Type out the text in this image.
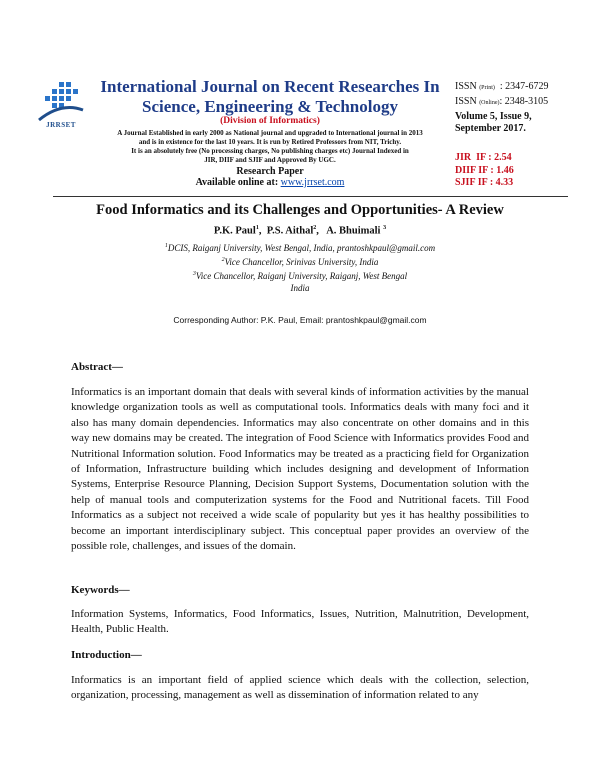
JRRSET
International Journal on Recent Researches In Science, Engineering & Technology
(Division of Informatics)
A Journal Established in early 2000 as National journal and upgraded to International journal in 2013
and is in existence for the last 10 years. It is run by Retired Professors from NIT, Trichy.
It is an absolutely free (No processing charges, No publishing charges etc) Journal Indexed in
JIR, DIIF and SJIF and Approved By UGC.
Research Paper
Available online at: www.jrrset.com
ISSN (Print) : 2347-6729
ISSN (Online): 2348-3105
Volume 5, Issue 9,
September 2017.
JIR  IF : 2.54
DIIF IF : 1.46
SJIF IF : 4.33
Food Informatics and its Challenges and Opportunities- A Review
P.K. Paul$^1$,  P.S. Aithal$^2$,   A. Bhuimali $^3$
$^1$DCIS, Raiganj University, West Bengal, India, prantoshkpaul@gmail.com
$^2$Vice Chancellor, Srinivas University, India
$^3$Vice Chancellor, Raiganj University, Raiganj, West Bengal
India
Corresponding Author: P.K. Paul, Email: prantoshkpaul@gmail.com
Abstract—
Informatics is an important domain that deals with several kinds of information activities by the manual knowledge organization tools as well as computational tools. Informatics deals with many foci and it also has many domain dependencies. Informatics may also concentrate on other domains and in this way new domains may be created. The integration of Food Science with Informatics provides Food and Nutritional Information solution. Food Informatics may be treated as a practicing field for Organization of Information, Infrastructure building which includes designing and development of Information Systems, Enterprise Resource Planning, Decision Support Systems, Documentation solution with the help of manual tools and computerization systems for the Food and Nutritional facets. Till Food Informatics as a subject not received a wide scale of popularity but yes it has healthy possibilities to become an important interdisciplinary subject. This conceptual paper provides an overview of the possible role, challenges, and issues of the domain.
Keywords—
Information Systems, Informatics, Food Informatics, Issues, Nutrition, Malnutrition, Development, Health, Public Health.
Introduction—
Informatics is an important field of applied science which deals with the collection, selection, organization, processing, management as well as dissemination of information related to any
